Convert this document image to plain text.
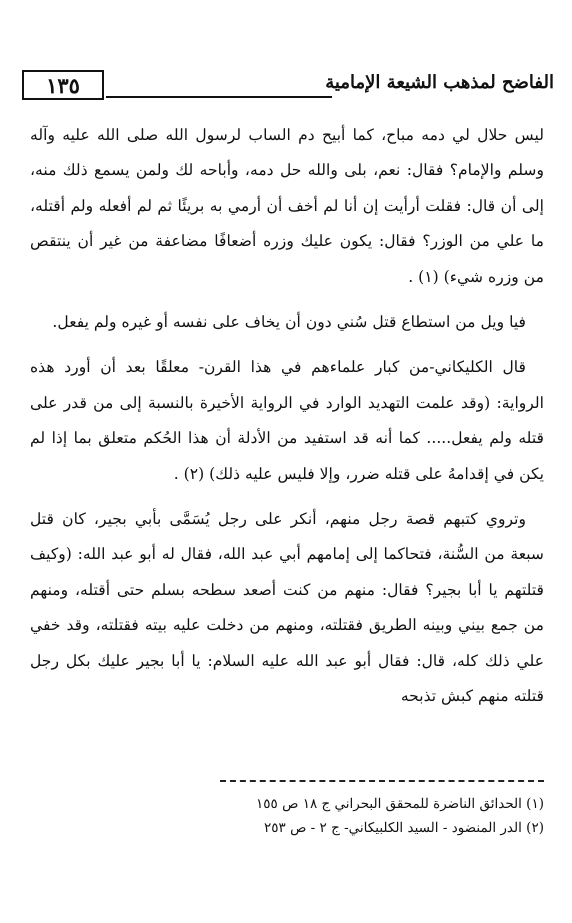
١٣٥	الفاضح لمذهب الشيعة الإمامية

ليس حلال لي دمه مباح، كما أبيح دم الساب لرسول الله صلى الله عليه وآله وسلم والإمام؟ فقال: نعم، بلى والله حل دمه، وأباحه لك ولمن يسمع ذلك منه، إلى أن قال: فقلت أرأيت إن أنا لم أخف أن أرمي به بريئًا ثم لم أفعله ولم أقتله، ما علي من الوزر؟ فقال: يكون عليك وزره أضعافًا مضاعفة من غير أن ينتقص من وزره شيء) (١) .

فيا ويل من استطاع قتل سُني دون أن يخاف على نفسه أو غيره ولم يفعل.

قال الكليكاني-من كبار علماءهم في هذا القرن- معلقًا بعد أن أورد هذه الرواية: (وقد علمت التهديد الوارد في الرواية الأخيرة بالنسبة إلى من قدر على قتله ولم يفعل..... كما أنه قد استفيد من الأدلة أن هذا الحُكم متعلق بما إذا لم يكن في إقدامهُ على قتله ضرر، وإلا فليس عليه ذلك) (٢) .

وتروي كتبهم قصة رجل منهم، أنكر على رجل يُسَمَّى بأبي بجير، كان قتل سبعة من السُّنة، فتحاكما إلى إمامهم أبي عبد الله، فقال له أبو عبد الله: (وكيف قتلتهم يا أبا بجير؟ فقال: منهم من كنت أصعد سطحه بسلم حتى أقتله، ومنهم من جمع بيني وبينه الطريق فقتلته، ومنهم من دخلت عليه بيته فقتلته، وقد خفي علي ذلك كله، قال: فقال أبو عبد الله عليه السلام: يا أبا بجير عليك بكل رجل قتلته منهم كبش تذبحه

(١) الحدائق الناضرة للمحقق البحراني ج ١٨ ص ١٥٥
(٢) الدر المنضود - السيد الكلبيكاني- ج ٢ - ص ٢٥٣
